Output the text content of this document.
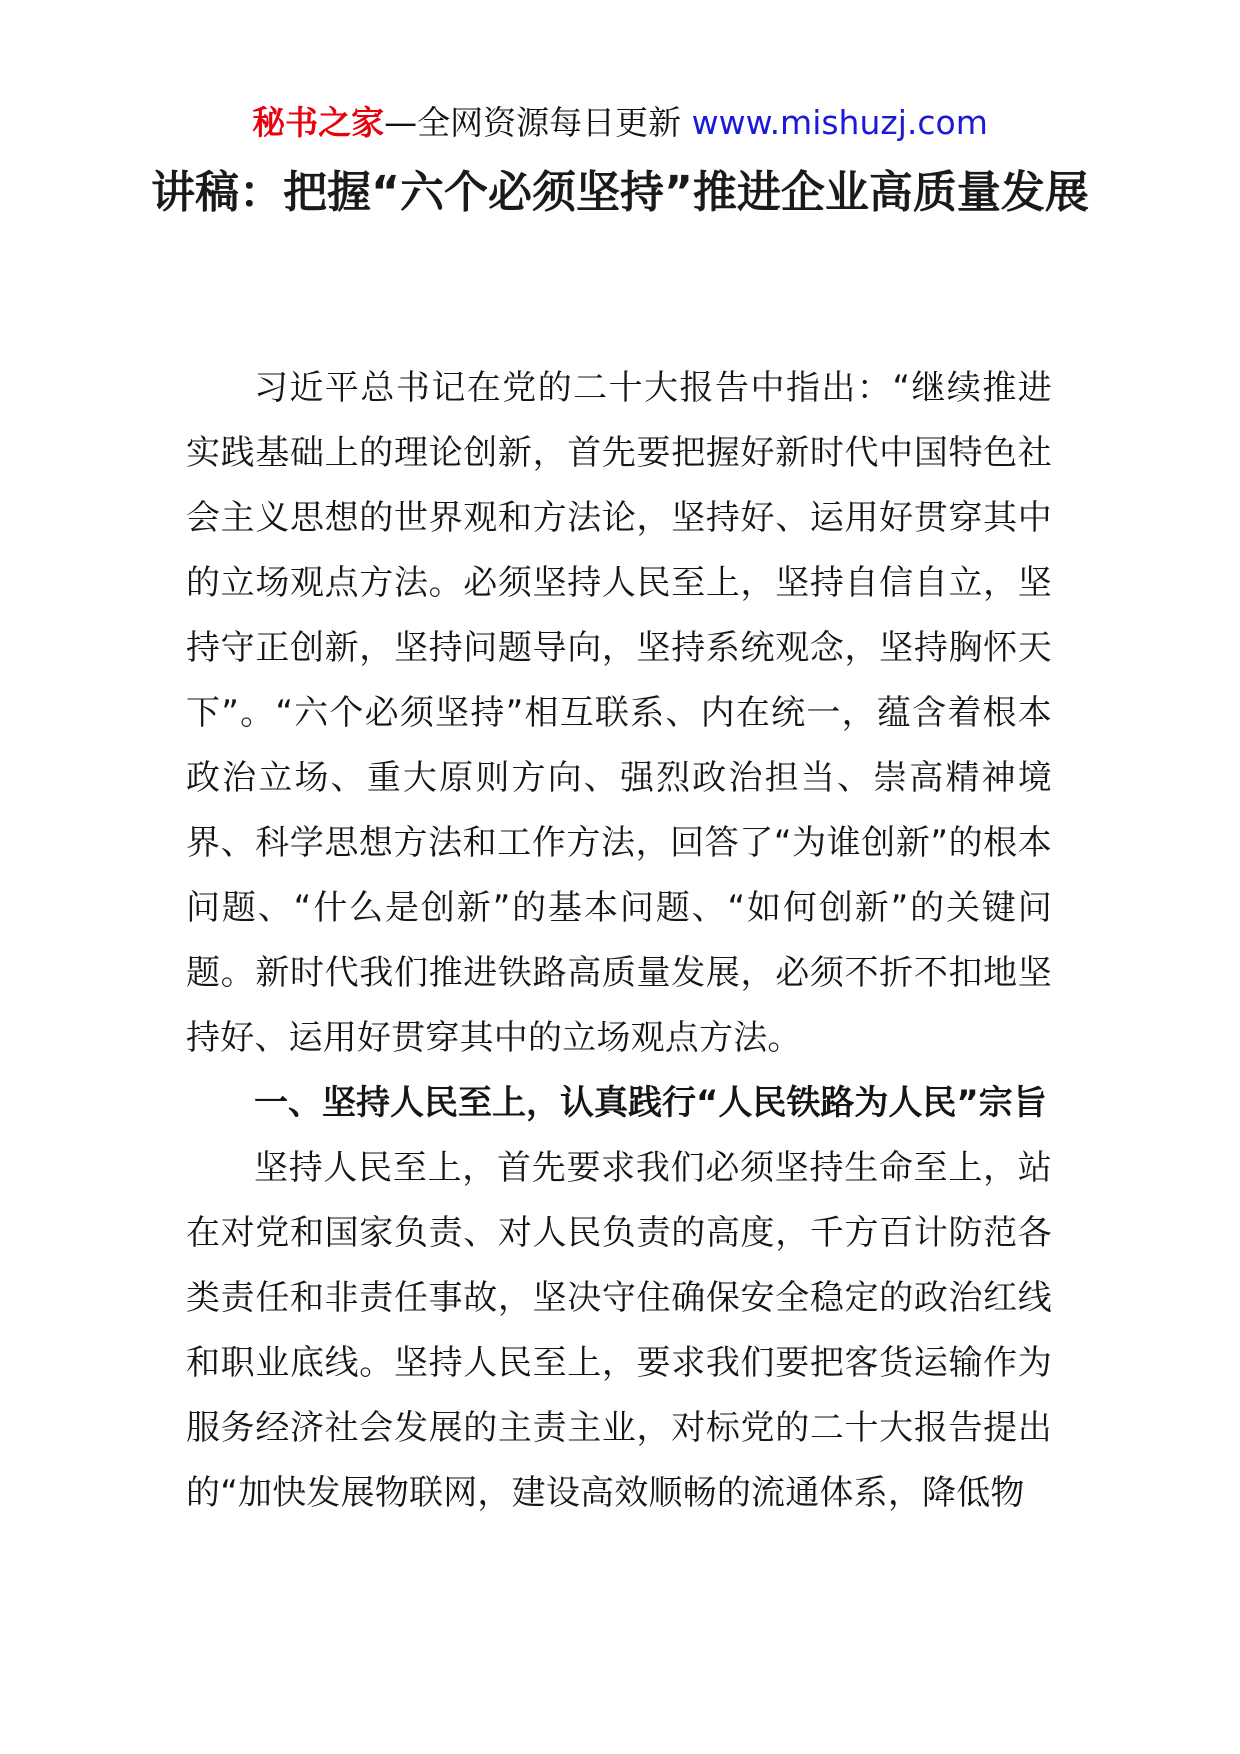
秘书之家—全网资源每日更新 www.mishuzj.com
讲稿：把握“六个必须坚持”推进企业高质量发展

习近平总书记在党的二十大报告中指出：“继续推进实践基础上的理论创新，首先要把握好新时代中国特色社会主义思想的世界观和方法论，坚持好、运用好贯穿其中的立场观点方法。必须坚持人民至上，坚持自信自立，坚持守正创新，坚持问题导向，坚持系统观念，坚持胸怀天下”。“六个必须坚持”相互联系、内在统一，蕴含着根本政治立场、重大原则方向、强烈政治担当、崇高精神境界、科学思想方法和工作方法，回答了“为谁创新”的根本问题、“什么是创新”的基本问题、“如何创新”的关键问题。新时代我们推进铁路高质量发展，必须不折不扣地坚持好、运用好贯穿其中的立场观点方法。

一、坚持人民至上，认真践行“人民铁路为人民”宗旨

坚持人民至上，首先要求我们必须坚持生命至上，站在对党和国家负责、对人民负责的高度，千方百计防范各类责任和非责任事故，坚决守住确保安全稳定的政治红线和职业底线。坚持人民至上，要求我们要把客货运输作为服务经济社会发展的主责主业，对标党的二十大报告提出的“加快发展物联网，建设高效顺畅的流通体系，降低物
